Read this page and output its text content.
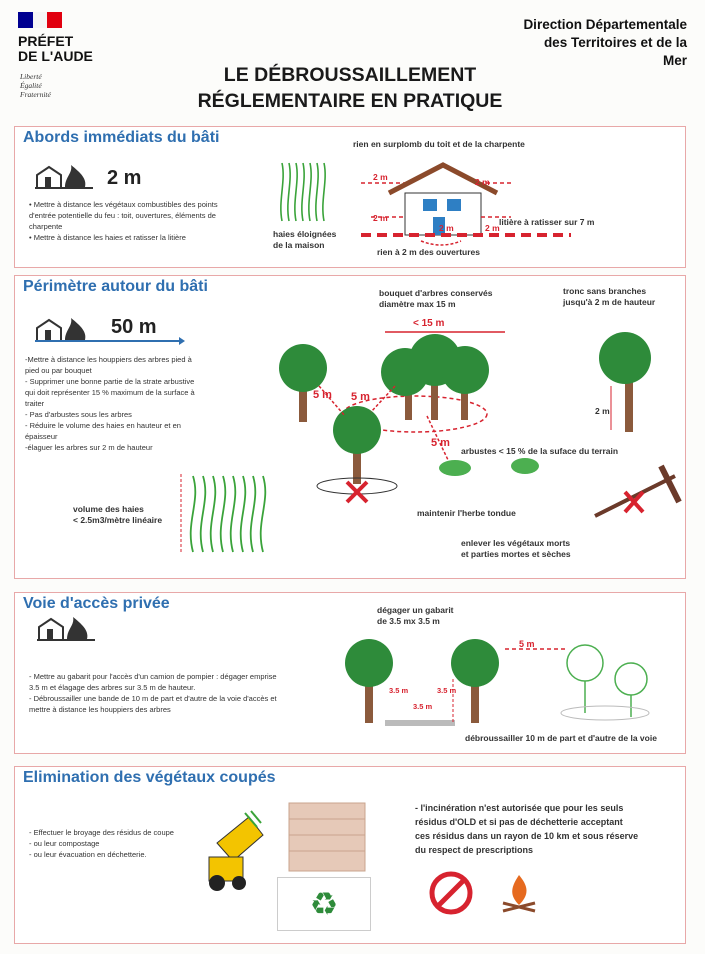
PRÉFET
DE L'AUDE
Liberté
Égalité
Fraternité
Direction Départementale
des Territoires et de la
Mer
LE DÉBROUSSAILLEMENT
RÉGLEMENTAIRE EN PRATIQUE
Abords immédiats du bâti
2 m
• Mettre à distance les végétaux combustibles des points d'entrée potentielle du feu : toit, ouvertures, éléments de charpente
• Mettre à distance les haies et ratisser la litière	haies éloignées
de la maison
rien en surplomb du toit et de la charpente
2 m	2 m
2 m
2 m	2 m
litière à ratisser sur 7 m
rien à 2 m des ouvertures
Périmètre autour du bâti
50 m
-Mettre à distance les houppiers des arbres pied à pied ou par bouquet
- Supprimer une bonne partie de la strate arbustive qui doit représenter 15 % maximum de la surface à traiter
- Pas d'arbustes sous les arbres
- Réduire le volume des haies en hauteur et en épaisseur
-élaguer les arbres sur 2 m de hauteur
volume des haies
< 2.5m3/mètre linéaire
bouquet d'arbres conservés
diamètre max 15 m
< 15 m
tronc sans branches
jusqu'à 2 m de hauteur
5 m 5 m
5 m
2 m
arbustes < 15 % de la suface du terrain
maintenir l'herbe tondue
enlever les végétaux morts
et parties mortes et sèches
Voie d'accès privée
- Mettre au gabarit pour l'accès d'un camion de pompier : dégager emprise 3.5 m et élagage des arbres sur 3.5 m de hauteur.
- Débroussailler une bande de 10 m de part et d'autre de la voie d'accès et mettre à distance les houppiers des arbres
dégager un gabarit
de 3.5 mx 3.5 m
3.5 m	3.5 m
3.5 m
5 m
débroussailler 10 m de part et d'autre de la voie
Elimination des végétaux coupés
- Effectuer le broyage des résidus de coupe
- ou leur compostage
- ou leur évacuation en déchetterie.
♻
- l'incinération n'est autorisée que pour les seuls
résidus d'OLD et si pas de déchetterie acceptant
ces résidus dans un rayon de 10 km et sous réserve
du respect de prescriptions
